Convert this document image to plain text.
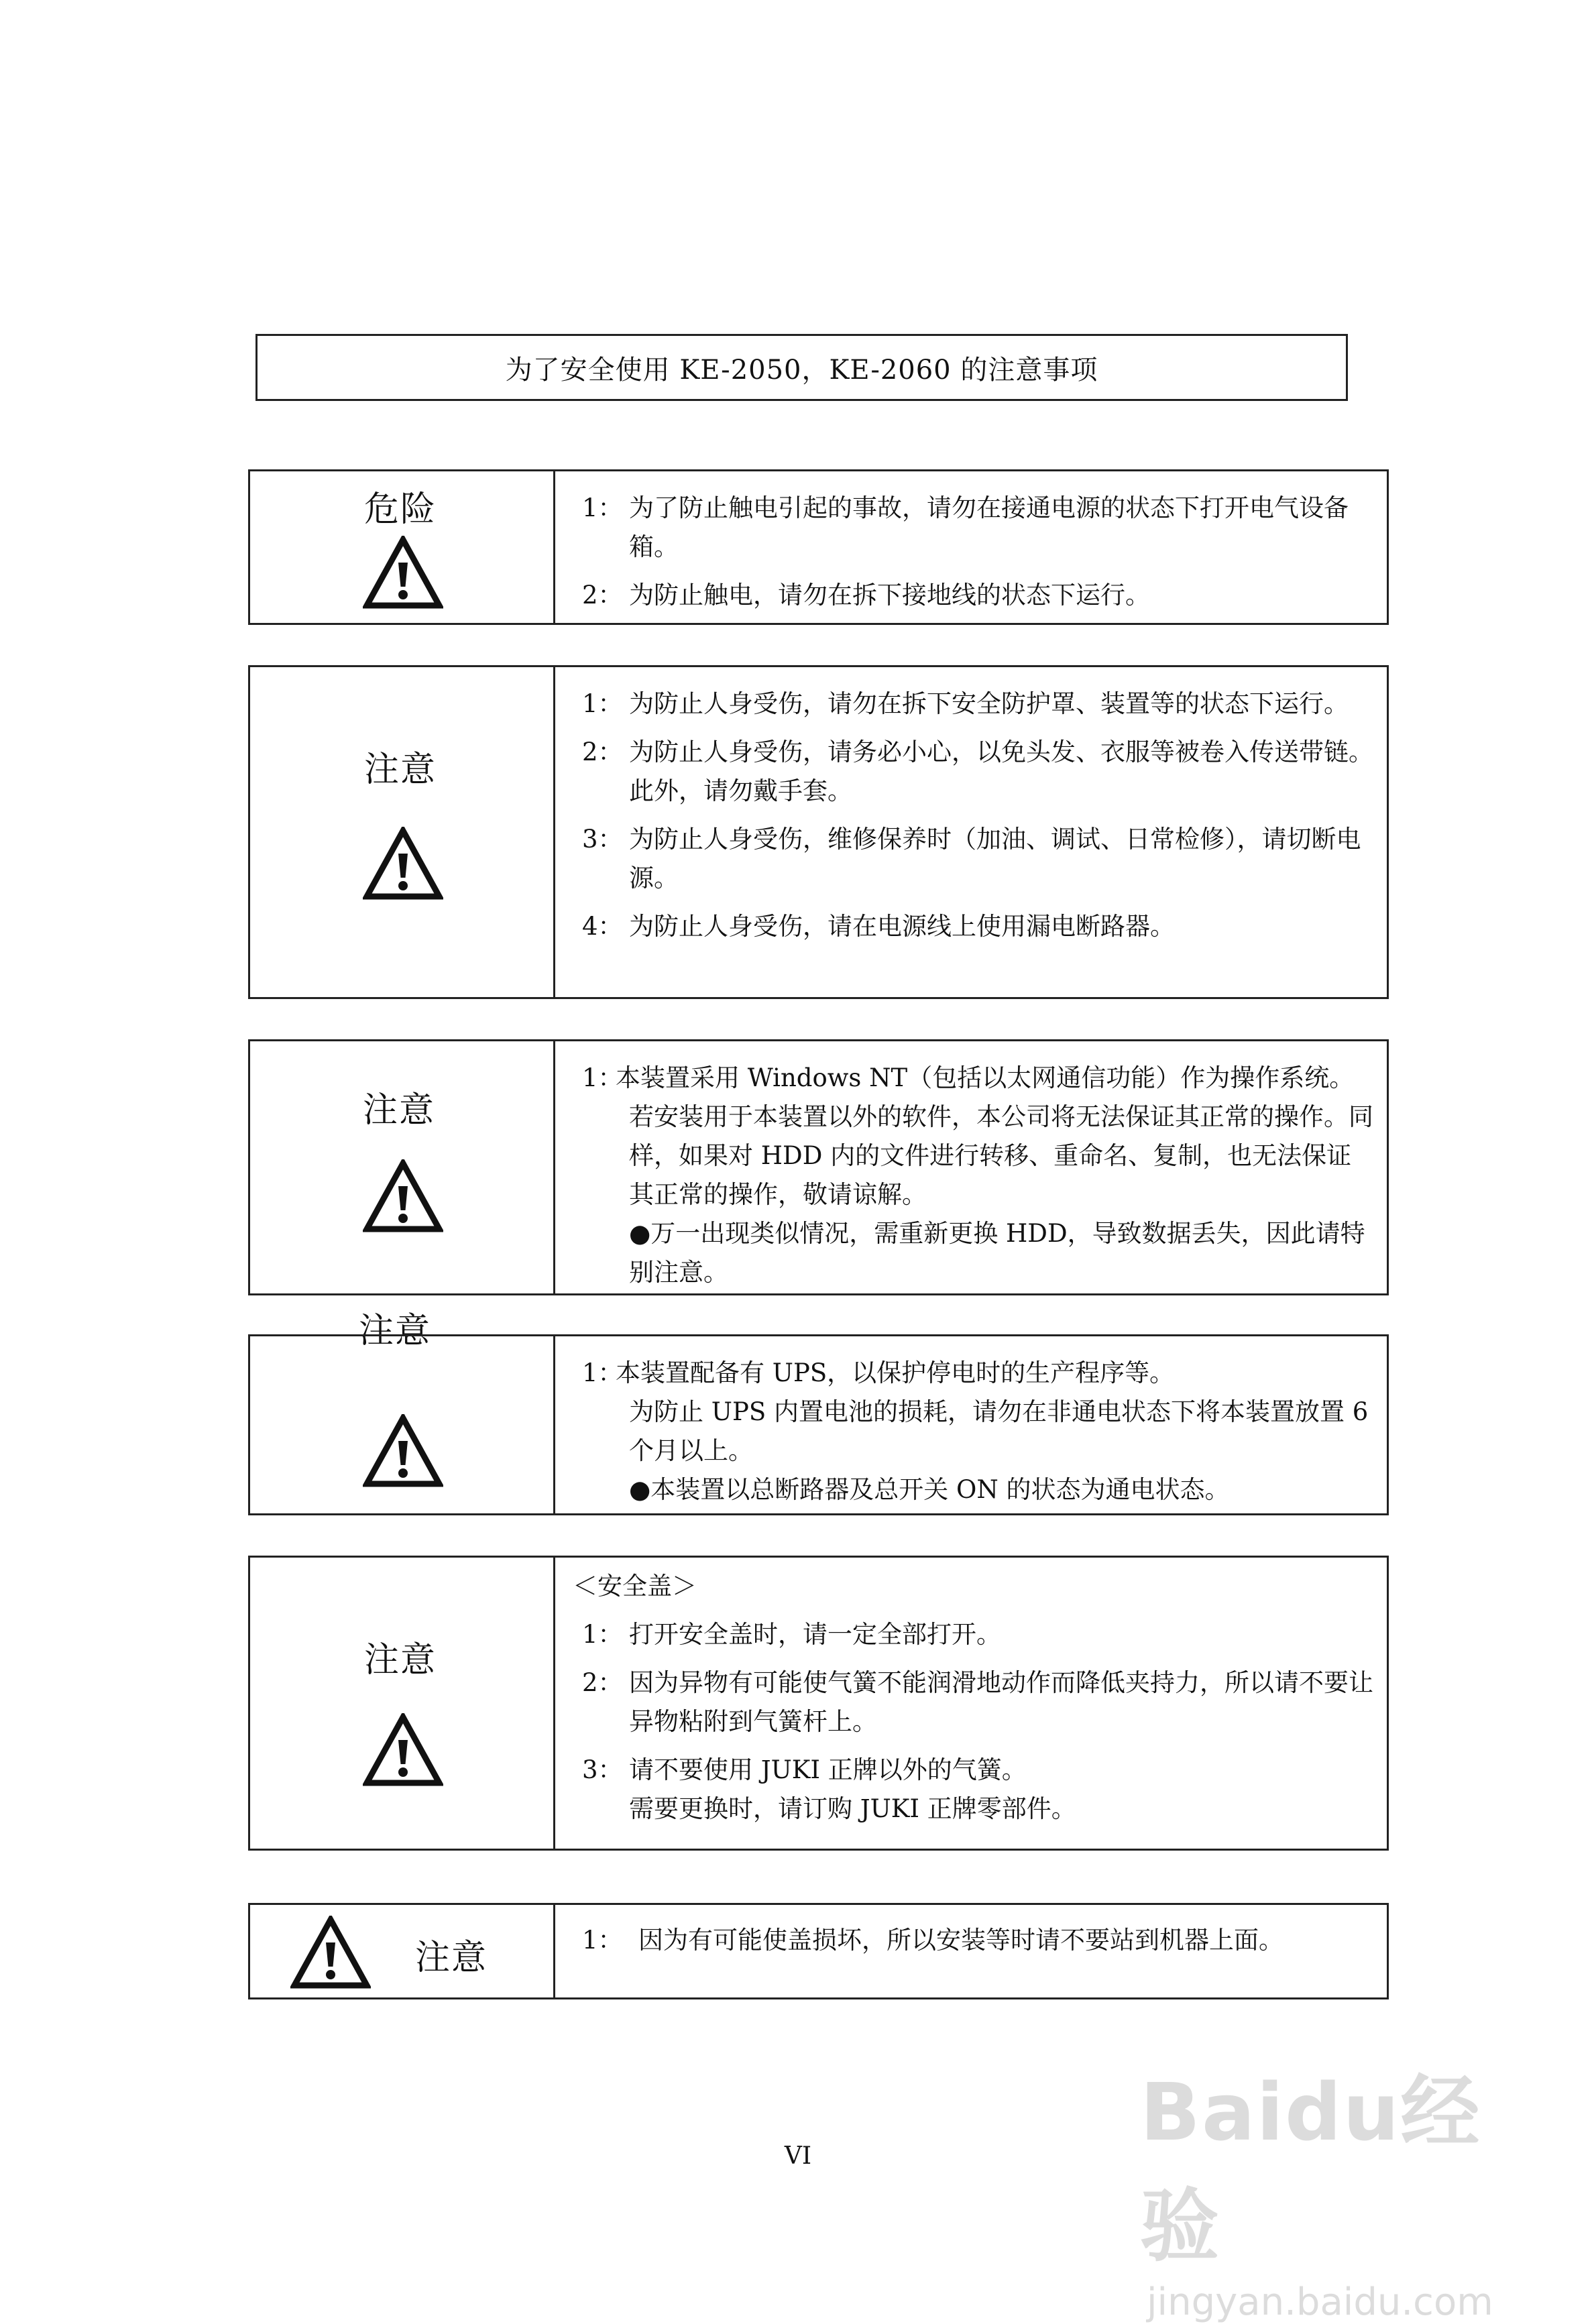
为了安全使用 KE-2050，KE-2060 的注意事项
危险	1： 为了防止触电引起的事故，请勿在接通电源的状态下打开电气设备箱。
2： 为防止触电，请勿在拆下接地线的状态下运行。
注意
1： 为防止人身受伤，请勿在拆下安全防护罩、装置等的状态下运行。
2： 为防止人身受伤，请务必小心，以免头发、衣服等被卷入传送带链。此外，请勿戴手套。
3： 为防止人身受伤，维修保养时（加油、调试、日常检修），请切断电源。
4： 为防止人身受伤，请在电源线上使用漏电断路器。
注意
1：
本装置采用 Windows NT（包括以太网通信功能）作为操作系统。
若安装用于本装置以外的软件，本公司将无法保证其正常的操作。同样，如果对 HDD 内的文件进行转移、重命名、复制，也无法保证其正常的操作，敬请谅解。
●万一出现类似情况，需重新更换 HDD，导致数据丢失，因此请特别注意。
注意
1：
本装置配备有 UPS，以保护停电时的生产程序等。
为防止 UPS 内置电池的损耗，请勿在非通电状态下将本装置放置 6 个月以上。
●本装置以总断路器及总开关 ON 的状态为通电状态。
注意
＜安全盖＞
1： 打开安全盖时，请一定全部打开。
2： 因为异物有可能使气簧不能润滑地动作而降低夹持力，所以请不要让异物粘附到气簧杆上。
3： 请不要使用 JUKI 正牌以外的气簧。
需要更换时，请订购 JUKI 正牌零部件。
注意	1： 因为有可能使盖损坏，所以安装等时请不要站到机器上面。
VI	Baidu经验
jingyan.baidu.com
